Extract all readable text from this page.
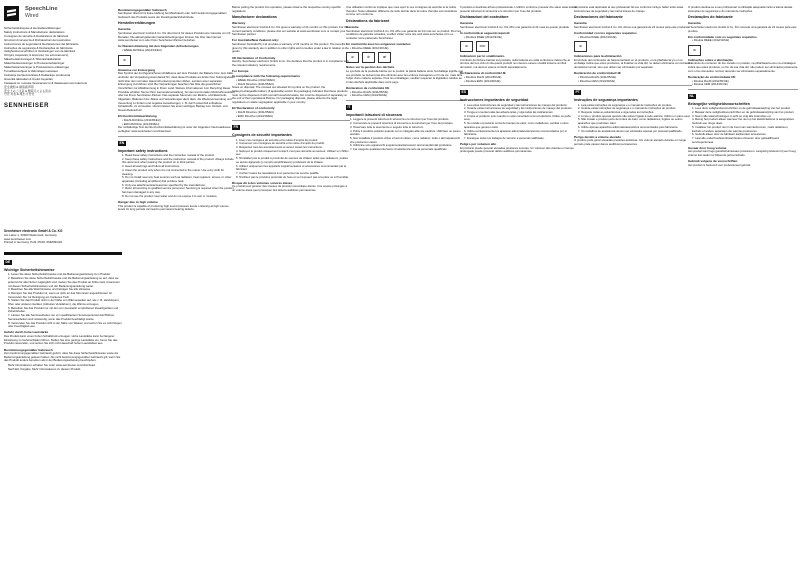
SpeechLine
Wired
Sicherheitshinweise & Herstellererklärungen
Safety instructions & Manufacturer declarations
Consignes de sécurité & Déclarations du fabricant
Istruzioni di sicurezza & Dichiarazioni del costruttore
Instrucciones de seguridad & Declaraciones del fabricante
Instruções de segurança & Declarações do fabricante
Veiligheidsvoorschriften & Verklaringen van de fabrikant
Οδηγίες ασφαλείας & Δηλώσεις του κατασκευαστή
Säkerhetsanvisningar & Tillverkardeklaration
Sikkerhedsanvisninger & Producenterklæringer
Sikkerhetsanvisninger & Produsentens erklæringer
Turvallisuusohjeet & Valmistajan selosteet
Instrukcje bezpieczeństwa & Deklaracje producenta
Güvenlik talimatları & Üretici beyanları
Указания по технике безопасности & Заявления изготовителя
安全须知 & 制造商声明
安全上のご注意 & 製造元による宣言
안전 지침 & 제조사 선언
SENNHEISER
Sennheiser electronic GmbH & Co. KG
Am Labor 1, 30900 Wedemark, Germany
www.sennheiser.com
Printed in Germany, Publ. 05/19, 564839/A02
DE
Wichtige Sicherheitshinweise
• 1. Lesen Sie diese Sicherheitshinweise und die Bedienungsanleitung zum Produkt.
• 2. Bewahren Sie diese Sicherheitshinweise und die Bedienungsanleitung so auf, dass sie jederzeit für alle Nutzer zugänglich sind. Geben Sie das Produkt an Dritte stets zusammen mit diesen Sicherheitshinweisen und der Bedienungsanleitung weiter.
• 3. Beachten Sie alle Warnhinweise und befolgen Sie alle Hinweise.
• 4. Reinigen Sie das Produkt nur, wenn es nicht an das Stromnetz angeschlossen ist. Verwenden Sie zur Reinigung ein trockenes Tuch.
• 5. Stellen Sie das Produkt nicht in der Nähe von Wärmequellen auf, wie z. B. Heizkörpern, Öfen oder anderen Geräten (inklusive Verstärkern), die Wärme erzeugen.
• 6. Betreiben Sie das Produkt nur mit den vom Hersteller empfohlenen Zusatzgeräten und Zubehörteilen.
• 7. Lassen Sie alle Servicearbeiten nur von qualifiziertem Servicepersonal durchführen. Servicearbeiten sind notwendig, wenn das Produkt beschädigt wurde.
• 8. Verwenden Sie das Produkt nicht in der Nähe von Wasser und setzen Sie es nicht Regen oder Feuchtigkeit aus.
Gefahr durch hohe Lautstärke

Das Produkt kann einen hohen Schalldruck erzeugen. Hohe Lautstärke kann bei längerer Einwirkung zu Gehörschäden führen. Stellen Sie eine geringe Lautstärke ein, bevor Sie das Produkt verwenden, und setzen Sie sich nicht dauerhaft hohen Lautstärken aus.

Bestimmungsgemäßer Gebrauch

Zum bestimmungsgemäßen Gebrauch gehört, dass Sie diese Sicherheitshinweise sowie die Bedienungsanleitung gelesen haben. Als nicht bestimmungsgemäßer Gebrauch gilt, wenn Sie das Produkt anders benutzen als in der Bedienungsanleitung beschrieben.

• Mehr Informationen erhalten Sie unter www.sennheiser.com/download.
• Nach EU-Vorgabe: Mehr Informationen zu diesem Produkt.
Bestimmungsgemäßer Gebrauch

Sennheiser übernimmt keine Haftung bei Missbrauch oder nicht bestimmungsgemäßem Gebrauch des Produkts sowie der Zusatzgeräte/Zubehörteile.

Herstellererklärungen
Garantie

Sennheiser electronic GmbH & Co. KG übernimmt für dieses Produkt eine Garantie von 24 Monaten. Die aktuell geltenden Garantiebedingungen können Sie über das Internet www.sennheiser.com oder Ihren Sennheiser-Partner beziehen.

In Übereinstimmung mit den folgenden Anforderungen
• • WEEE-Richtlinie (2012/19/EU)
⊠
Hinweise zur Entsorgung

Das Symbol der durchgestrichenen Abfalltonne auf dem Produkt, der Batterie bzw. dem Akku und/oder der Verpackung weist darauf hin, dass diese Produkte am Ende ihrer Nutzungsdauer nicht über den normalen Hausmüll entsorgt werden dürfen, sondern einer separaten Entsorgung zuzuführen sind. Bei Verpackungen beachten Sie bitte die gesetzlichen Vorschriften zur Abfalltrennung in Ihrem Land. Weitere Informationen zum Recycling dieser Produkte erhalten Sie bei Ihrer Gemeindeverwaltung, bei den kommunalen Rücknahmestellen oder bei Ihrem Sennheiser-Partner. Das separate Sammeln von Elektro- und Elektronik-Altgeräten, Batterien bzw. Akkus und Verpackungen dient dazu, die Wiederverwendung und Verwertung zu fördern und negative Auswirkungen, z. B. durch potenziell enthaltene Schadstoffe, zu vermeiden. Hiermit leisten Sie einen wichtigen Beitrag zum Umwelt- und Gesundheitsschutz.

EU-Konformitätserklärung
• • RoHS-Richtlinie (2011/65/EU)
• • EMV-Richtlinie (2014/30/EU)

Der vollständige Text der EU-Konformitätserklärung ist unter der folgenden Internetadresse verfügbar: www.sennheiser.com/download

EN
Important safety instructions
• 1. Read these safety instructions and the instruction manual of the product.
• 2. Keep these safety instructions and the instruction manual of the product. Always include this document when passing the product on to third parties.
• 3. Heed all warnings and follow all instructions.
• 4. Clean the product only when it is not connected to the mains. Use a dry cloth for cleaning.
• 5. Do not install near any heat sources such as radiators, heat registers, stoves, or other apparatus (including amplifiers) that produce heat.
• 6. Only use attachments/accessories specified by the manufacturer.
• 7. Refer all servicing to qualified service personnel. Servicing is required when the product has been damaged in any way.
• 8. Do not use the product near water and do not expose it to rain or moisture.
Danger due to high volume

This product is capable of producing high sound pressure levels. Listening at high volume levels for long periods can lead to permanent hearing defects.

Before putting the product into operation, please observe the respective country-specific regulations.

Manufacturer declarations
Warranty

Sennheiser electronic GmbH & Co. KG gives a warranty of 24 months on this product. For the current warranty conditions, please visit our website at www.sennheiser.com or contact your Sennheiser partner.

For Australia/New Zealand only:

Sennheiser Australia Pty Ltd provides a warranty of 24 months on this product. The benefits given by this warranty are in addition to other rights and remedies under a law in relation to the goods.

UK Declaration of Conformity

Hereby, Sennheiser electronic GmbH & Co. KG declares that the product is in compliance with the relevant statutory requirements.

For Europe
In compliance with the following requirements
• • WEEE Directive (2012/19/EU)
• • RoHS Directive (2011/65/EU)

Notes on disposal: The crossed out wheeled bin symbol on the product, the battery/rechargeable battery (if applicable) and/or the packaging indicates that these products must not be disposed of with normal household waste, but must be disposed of separately at the end of their operational lifetime. For packaging disposal, please observe the legal regulations on waste segregation applicable in your country.

EU Declaration of conformity
• • RoHS Directive (2011/65/EU)
• • EMC Directive (2014/30/EU)
FR
Consignes de sécurité importantes
• 1. Lisez ces consignes de sécurité et la notice d'emploi du produit.
• 2. Conservez ces consignes de sécurité et la notice d'emploi du produit.
• 3. Respectez tous les avertissements et suivez toutes les instructions.
• 4. Nettoyez le produit uniquement lorsqu'il n'est pas raccordé au secteur. Utilisez un chiffon sec.
• 5. N'installez pas le produit à proximité de sources de chaleur telles que radiateurs, poêles ou autres appareils (y compris amplificateurs) produisant de la chaleur.
• 6. Utilisez uniquement les appareils supplémentaires et accessoires recommandés par le fabricant.
• 7. Confiez toutes les réparations à un personnel de service qualifié.
• 8. N'utilisez pas le produit à proximité de l'eau et ne l'exposez pas à la pluie ou à l'humidité.
Risque dû à des volumes sonores élevés

Ce produit peut générer des niveaux de pression acoustique élevés. Une écoute prolongée à un volume élevé peut provoquer des lésions auditives permanentes.

Une utilisation conforme implique que vous ayez lu ces consignes de sécurité et la notice d'emploi. Toute utilisation différente de celle décrite dans la notice d'emploi est considérée comme non conforme.

Déclarations du fabricant
Garantie

Sennheiser electronic GmbH & Co. KG offre une garantie de 24 mois sur ce produit. Pour les conditions de garantie actuelles, veuillez visiter notre site web www.sennheiser.com ou contacter votre partenaire Sennheiser.

En conformité avec les exigences suivantes
• • Directive DEEE (2012/19/UE)
⊠	♻	⇄
Notes sur la gestion des déchets

Le symbole de la poubelle barrée sur le produit, la pile/la batterie et/ou l'emballage signifie que ces produits ne doivent pas être éliminés avec les ordures ménagères en fin de vie, mais faire l'objet d'une collecte séparée. Pour les emballages, veuillez respecter la législation relative au tri des déchets applicable dans votre pays.

Déclaration de conformité UE
• • Directive RoHS (2011/65/UE)
• • Directive CEM (2014/30/UE)
IT
Importanti istruzioni di sicurezza
• 1. Leggere le presenti istruzioni di sicurezza e le istruzioni per l'uso del prodotto.
• 2. Conservare le presenti istruzioni di sicurezza e le istruzioni per l'uso del prodotto.
• 3. Osservare tutte le avvertenze e seguire tutte le istruzioni.
• 4. Pulire il prodotto soltanto quando non è collegato alla rete elettrica. Utilizzare un panno asciutto.
• 5. Non installare il prodotto vicino a fonti di calore, come radiatori, stufe o altri apparecchi che producono calore.
• 6. Utilizzare solo apparecchi supplementari/accessori raccomandati dal produttore.
• 7. Far eseguire qualsiasi intervento di assistenza solo da personale qualificato.

Il prodotto è destinato all'uso professionale. L'utilizzo conforme prevede che siano state lette le presenti istruzioni di sicurezza e le istruzioni per l'uso del prodotto.

Dichiarazioni del costruttore
Garanzia

Sennheiser electronic GmbH & Co. KG offre una garanzia di 24 mesi su questo prodotto.

In conformità ai seguenti requisiti
• • Direttiva RAEE (2012/19/UE)
⊠	PAP
Indicazioni per lo smaltimento

Il simbolo del bidone barrato sul prodotto, sulla batteria e/o sulla confezione indica che al termine del loro ciclo di vita questi prodotti non devono essere smaltiti insieme ai rifiuti domestici, ma devono essere conferiti separatamente.

Dichiarazione di conformità UE
• • Direttiva RoHS (2011/65/UE)
• • Direttiva EMC (2014/30/UE)
ES
Instrucciones importantes de seguridad
• 1. Lea estas instrucciones de seguridad y las instrucciones de manejo del producto.
• 2. Guarde estas instrucciones de seguridad y las instrucciones de manejo del producto.
• 3. Tenga en cuenta todas las advertencias y siga todas las indicaciones.
• 4. Limpie el producto solo cuando no esté conectado a la red eléctrica. Utilice un paño seco.
• 5. No instale el producto cerca de fuentes de calor, como radiadores, estufas u otros aparatos que generen calor.
• 6. Utilice exclusivamente los aparatos adicionales/accesorios recomendados por el fabricante.
• 7. Encargue todos los trabajos de servicio a personal cualificado.
Peligro por volumen alto

El producto puede generar elevadas presiones sonoras. Un volumen alto durante un tiempo prolongado puede provocar daños auditivos permanentes.

El producto está destinado al uso profesional. El uso conforme incluye haber leído estas instrucciones de seguridad y las instrucciones de manejo.

Declaraciones del fabricante
Garantía

Sennheiser electronic GmbH & Co. KG ofrece una garantía de 24 meses para este producto.

Conformidad con los siguientes requisitos
• • Directiva RAEE (2012/19/UE)
⊠
Indicaciones para la eliminación

El símbolo del contenedor de basura tachado en el producto, en la pila/batería y/o en el embalaje indica que estos productos, al finalizar su vida útil, no deben eliminarse con la basura doméstica normal, sino que deben ser eliminados por separado.

Declaración de conformidad UE
• • Directiva RoHS (2011/65/UE)
• • Directiva CEM (2014/30/UE)
PT
Instruções de segurança importantes
• 1. Leia estas instruções de segurança e o manual de instruções do produto.
• 2. Guarde estas instruções de segurança e o manual de instruções do produto.
• 3. Respeite todas as advertências e siga todas as instruções.
• 4. Limpe o produto apenas quando não estiver ligado à rede elétrica. Utilize um pano seco.
• 5. Não instale o produto perto de fontes de calor, como radiadores, fogões ou outros aparelhos que produzam calor.
• 6. Utilize apenas aparelhos adicionais/acessórios recomendados pelo fabricante.
• 7. Os trabalhos de assistência devem ser efetuados apenas por pessoal qualificado.
Perigo devido a volume elevado

O produto pode gerar elevadas pressões acústicas. Um volume elevado durante um longo período pode causar danos auditivos permanentes.

O produto destina-se a uso profissional. A utilização adequada inclui a leitura destas instruções de segurança e do manual de instruções.

Declarações do fabricante
Garantia

A Sennheiser electronic GmbH & Co. KG concede uma garantia de 24 meses para este produto.

Em conformidade com os seguintes requisitos
• • Diretiva REEE (2012/19/UE)
⊠
Indicações sobre a eliminação

O símbolo do contentor do lixo riscado no produto, na pilha/bateria e/ou na embalagem indica que estes produtos, no fim da sua vida útil, não podem ser eliminados juntamente com o lixo doméstico normal, devendo ser eliminados separadamente.

Declaração de conformidade UE
• • Diretiva RoHS (2011/65/UE)
• • Diretiva CEM (2014/30/UE)
NL
Belangrijke veiligheidsvoorschriften
• 1. Lees deze veiligheidsvoorschriften en de gebruiksaanwijzing van het product.
• 2. Bewaar deze veiligheidsvoorschriften en de gebruiksaanwijzing van het product.
• 3. Neem alle waarschuwingen in acht en volg alle instructies op.
• 4. Reinig het product alleen wanneer het niet op het elektriciteitsnet is aangesloten. Gebruik een droge doek.
• 5. Installeer het product niet in de buurt van warmtebronnen, zoals radiatoren, kachels of andere apparaten die warmte produceren.
• 6. Gebruik alleen door de fabrikant aanbevolen accessoires.
• 7. Laat alle onderhoudswerkzaamheden uitvoeren door gekwalificeerd servicepersoneel.
Gevaar door hoog volume

Het product kan hoge geluidsdrukniveaus produceren. Langdurig luisteren bij een hoog volume kan leiden tot blijvende gehoorschade.

Gebruik volgens de voorschriften

Het product is bestemd voor professioneel gebruik.
